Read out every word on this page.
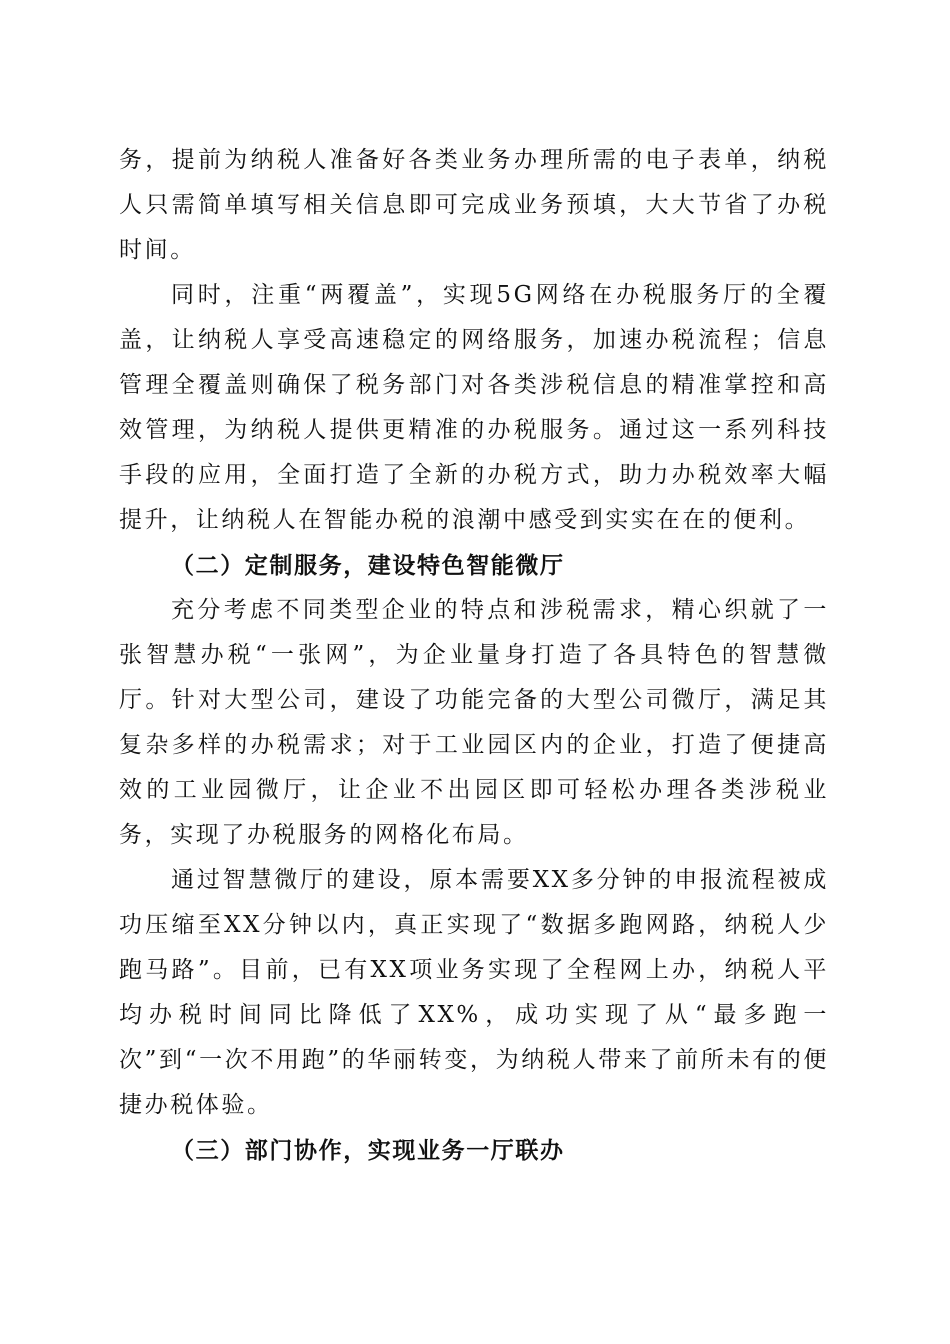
务，提前为纳税人准备好各类业务办理所需的电子表单，纳税人只需简单填写相关信息即可完成业务预填，大大节省了办税时间。

同时，注重“两覆盖”，实现5G网络在办税服务厅的全覆盖，让纳税人享受高速稳定的网络服务，加速办税流程；信息管理全覆盖则确保了税务部门对各类涉税信息的精准掌控和高效管理，为纳税人提供更精准的办税服务。通过这一系列科技手段的应用，全面打造了全新的办税方式，助力办税效率大幅提升，让纳税人在智能办税的浪潮中感受到实实在在的便利。

（二）定制服务，建设特色智能微厅

充分考虑不同类型企业的特点和涉税需求，精心织就了一张智慧办税“一张网”，为企业量身打造了各具特色的智慧微厅。针对大型公司，建设了功能完备的大型公司微厅，满足其复杂多样的办税需求；对于工业园区内的企业，打造了便捷高效的工业园微厅，让企业不出园区即可轻松办理各类涉税业务，实现了办税服务的网格化布局。

通过智慧微厅的建设，原本需要XX多分钟的申报流程被成功压缩至XX分钟以内，真正实现了“数据多跑网路，纳税人少跑马路”。目前，已有XX项业务实现了全程网上办，纳税人平均办税时间同比降低了XX%，成功实现了从“最多跑一次”到“一次不用跑”的华丽转变，为纳税人带来了前所未有的便捷办税体验。

（三）部门协作，实现业务一厅联办
